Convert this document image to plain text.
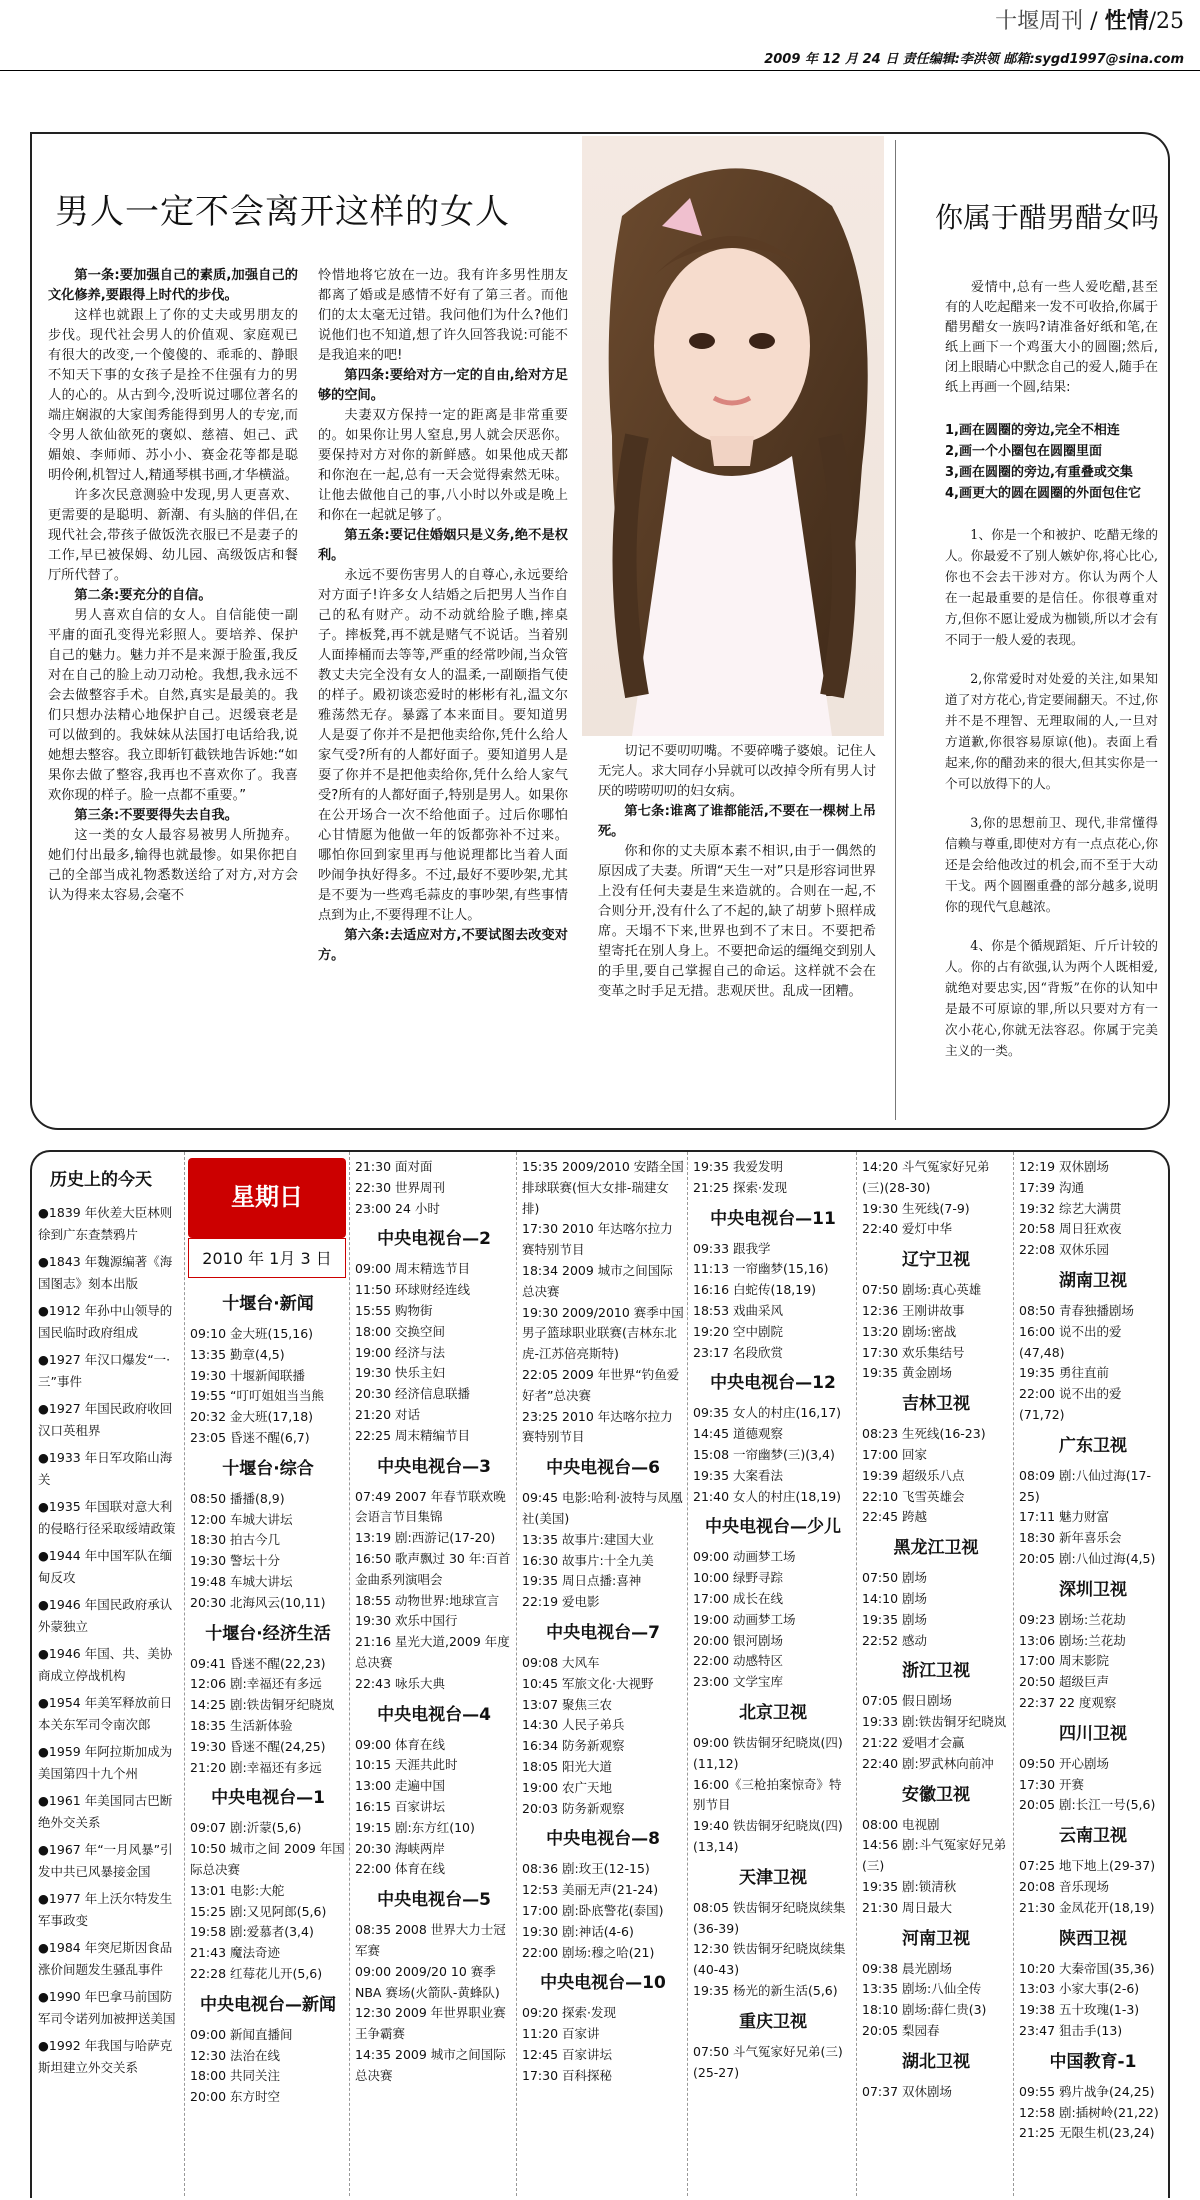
十堰周刊 / 性情/25
2009 年 12 月 24 日 责任编辑:李洪领 邮箱:sygd1997@sina.com
男人一定不会离开这样的女人

第一条:要加强自己的素质,加强自己的文化修养,要跟得上时代的步伐。

这样也就跟上了你的丈夫或男朋友的步伐。现代社会男人的价值观、家庭观已有很大的改变,一个傻傻的、乖乖的、静眼不知天下事的女孩子是拴不住强有力的男人的心的。从古到今,没听说过哪位著名的端庄娴淑的大家闺秀能得到男人的专宠,而令男人欲仙欲死的褒姒、慈禧、妲己、武媚娘、李师师、苏小小、赛金花等都是聪明伶俐,机智过人,精通琴棋书画,才华横溢。

许多次民意测验中发现,男人更喜欢、更需要的是聪明、新潮、有头脑的伴侣,在现代社会,带孩子做饭洗衣服已不是妻子的工作,早已被保姆、幼儿园、高级饭店和餐厅所代替了。

第二条:要充分的自信。

男人喜欢自信的女人。自信能使一副平庸的面孔变得光彩照人。要培养、保护自己的魅力。魅力并不是来源于脸蛋,我反对在自己的脸上动刀动枪。我想,我永远不会去做整容手术。自然,真实是最美的。我们只想办法精心地保护自己。迟缓衰老是可以做到的。我妹妹从法国打电话给我,说她想去整容。我立即斩钉截铁地告诉她:“如果你去做了整容,我再也不喜欢你了。我喜欢你现的样子。脸一点都不重要。”

第三条:不要要得失去自我。

这一类的女人最容易被男人所抛弃。她们付出最多,输得也就最惨。如果你把自己的全部当成礼物悉数送给了对方,对方会认为得来太容易,会毫不

怜惜地将它放在一边。我有许多男性朋友都离了婚或是感情不好有了第三者。而他们的太太毫无过错。我问他们为什么?他们说他们也不知道,想了许久回答我说:可能不是我追来的吧!

第四条:要给对方一定的自由,给对方足够的空间。

夫妻双方保持一定的距离是非常重要的。如果你让男人窒息,男人就会厌恶你。要保持对方对你的新鲜感。如果他成天都和你泡在一起,总有一天会觉得索然无味。让他去做他自己的事,八小时以外或是晚上和你在一起就足够了。

第五条:要记住婚姻只是义务,绝不是权利。

永远不要伤害男人的自尊心,永远要给对方面子!许多女人结婚之后把男人当作自己的私有财产。动不动就给脸子瞧,摔桌子。摔板凳,再不就是赌气不说话。当着别人面捧桶而去等等,严重的经常吵闹,当众管教丈夫完全没有女人的温柔,一副颐指气使的样子。殿初谈恋爱时的彬彬有礼,温文尔雅荡然无存。暴露了本来面目。要知道男人是耍了你并不是把他卖给你,凭什么给人家气受?所有的人都好面子。要知道男人是耍了你并不是把他卖给你,凭什么给人家气受?所有的人都好面子,特别是男人。如果你在公开场合一次不给他面子。过后你哪怕心甘情愿为他做一年的饭都弥补不过来。哪怕你回到家里再与他说理都比当着人面吵闹争执好得多。不过,最好不要吵架,尤其是不要为一些鸡毛蒜皮的事吵架,有些事情点到为止,不要得理不让人。

第六条:去适应对方,不要试图去改变对方。

切记不要叨叨嘴。不要碎嘴子婆娘。记住人无完人。求大同存小异就可以改掉令所有男人讨厌的唠唠叨叨的妇女病。

第七条:谁离了谁都能活,不要在一棵树上吊死。

你和你的丈夫原本素不相识,由于一偶然的原因成了夫妻。所谓“天生一对”只是形容词世界上没有任何夫妻是生来造就的。合则在一起,不合则分开,没有什么了不起的,缺了胡萝卜照样成席。天塌不下来,世界也到不了末日。不要把希望寄托在别人身上。不要把命运的缰绳交到别人的手里,要自己掌握自己的命运。这样就不会在变革之时手足无措。悲观厌世。乱成一团糟。

你属于醋男醋女吗

爱情中,总有一些人爱吃醋,甚至有的人吃起醋来一发不可收拾,你属于醋男醋女一族吗?请准备好纸和笔,在纸上画下一个鸡蛋大小的圆圈;然后,闭上眼睛心中默念自己的爱人,随手在纸上再画一个圆,结果:

1,画在圆圈的旁边,完全不相连
2,画一个小圈包在圆圈里面
3,画在圆圈的旁边,有重叠或交集
4,画更大的圆在圆圈的外面包住它

1、你是一个和被护、吃醋无缘的人。你最爱不了别人嫉妒你,将心比心,你也不会去干涉对方。你认为两个人在一起最重要的是信任。你很尊重对方,但你不愿让爱成为枷锁,所以才会有不同于一般人爱的表现。

2,你常爱时对处爱的关注,如果知道了对方花心,肯定要闹翻天。不过,你并不是不理智、无理取闹的人,一旦对方道歉,你很容易原谅(他)。表面上看起来,你的醋劲来的很大,但其实你是一个可以放得下的人。

3,你的思想前卫、现代,非常懂得信赖与尊重,即使对方有一点点花心,你还是会给他改过的机会,而不至于大动干戈。两个圆圈重叠的部分越多,说明你的现代气息越浓。

4、你是个循规蹈矩、斤斤计较的人。你的占有欲强,认为两个人既相爱,就绝对要忠实,因“背叛”在你的认知中是最不可原谅的罪,所以只要对方有一次小花心,你就无法容忍。你属于完美主义的一类。

历史上的今天
●1839 年伙差大臣林则徐到广东查禁鸦片
●1843 年魏源编著《海国图志》刻本出版
●1912 年孙中山领导的国民临时政府组成
●1927 年汉口爆发“一·三”事件
●1927 年国民政府收回汉口英租界
●1933 年日军攻陷山海关
●1935 年国联对意大利的侵略行径采取绥靖政策
●1944 年中国军队在缅甸反攻
●1946 年国民政府承认外蒙独立
●1946 年国、共、美协商成立停战机构
●1954 年美军释放前日本关东军司令南次郎
●1959 年阿拉斯加成为美国第四十九个州
●1961 年美国同古巴断绝外交关系
●1967 年“一月风暴”引发中共已风暴接金国
●1977 年上沃尔特发生军事政变
●1984 年突尼斯因食品涨价间题发生骚乱事件
●1990 年巴拿马前国防军司令诺列加被押送美国
●1992 年我国与哈萨克斯坦建立外交关系
星期日
2010 年 1月 3 日
十堰台·新闻
09:10 金大班(15,16)
13:35 勤章(4,5)
19:30 十堰新闻联播
19:55 “叮叮姐姐当当熊
20:32 金大班(17,18)
23:05 昏迷不醒(6,7)
十堰台·综合
08:50 播播(8,9)
12:00 车城大讲坛
18:30 拍古今几
19:30 警坛十分
19:48 车城大讲坛
20:30 北海风云(10,11)
十堰台·经济生活
09:41 昏迷不醒(22,23)
12:06 剧:幸福还有多远
14:25 剧:铁齿铜牙纪晓岚
18:35 生活新体验
19:30 昏迷不醒(24,25)
21:20 剧:幸福还有多远
中央电视台—1
09:07 剧:沂蒙(5,6)
10:50 城市之间 2009 年国际总决赛
13:01 电影:大舵
15:25 剧:又见阿郎(5,6)
19:58 剧:爱慕者(3,4)
21:43 魔法奇迹
22:28 红莓花儿开(5,6)
中央电视台—新闻
09:00 新闻直播间
12:30 法治在线
18:00 共同关注
20:00 东方时空
21:30 面对面
22:30 世界周刊
23:00 24 小时
中央电视台—2
09:00 周末精选节目
11:50 环球财经连线
15:55 购物街
18:00 交换空间
19:00 经济与法
19:30 快乐主妇
20:30 经济信息联播
21:20 对话
22:25 周末精编节目
中央电视台—3
07:49 2007 年春节联欢晚会语言节目集锦
13:19 剧:西游记(17-20)
16:50 歌声飘过 30 年:百首金曲系列演唱会
18:55 动物世界:地球宣言
19:30 欢乐中国行
21:16 星光大道,2009 年度总决赛
22:43 咏乐大典
中央电视台—4
09:00 体育在线
10:15 天涯共此时
13:00 走遍中国
16:15 百家讲坛
19:15 剧:东方红(10)
20:30 海峡两岸
22:00 体育在线
中央电视台—5
08:35 2008 世界大力士冠军赛
09:00 2009/20 10 赛季 NBA 赛场(火箭队-黄蜂队)
12:30 2009 年世界职业赛王争霸赛
14:35 2009 城市之间国际总决赛
15:35 2009/2010 安踏全国排球联赛(恒大女排-瑞建女排)
17:30 2010 年达喀尔拉力赛特别节目
18:34 2009 城市之间国际总决赛
19:30 2009/2010 赛季中国男子篮球职业联赛(吉林东北虎-江苏倍亮斯特)
22:05 2009 年世界“钓鱼爱好者”总决赛
23:25 2010 年达喀尔拉力赛特别节目
中央电视台—6
09:45 电影:哈利·波特与凤凰社(美国)
13:35 故事片:建国大业
16:30 故事片:十全九美
19:35 周日点播:喜神
22:19 爱电影
中央电视台—7
09:08 大风车
10:45 军旅文化·大视野
13:07 聚焦三农
14:30 人民子弟兵
16:34 防务新观察
18:05 阳光大道
19:00 农广天地
20:03 防务新观察
中央电视台—8
08:36 剧:玫王(12-15)
12:53 美丽无声(21-24)
17:00 剧:卧底警花(泰国)
19:30 剧:神话(4-6)
22:00 剧场:穆之哈(21)
中央电视台—10
09:20 探索·发现
11:20 百家讲
12:45 百家讲坛
17:30 百科探秘
19:35 我爱发明
21:25 探索·发现
中央电视台—11
09:33 跟我学
11:13 一帘幽梦(15,16)
16:16 白蛇传(18,19)
18:53 戏曲采风
19:20 空中剧院
23:17 名段欣赏
中央电视台—12
09:35 女人的村庄(16,17)
14:45 道德观察
15:08 一帘幽梦(三)(3,4)
19:35 大案看法
21:40 女人的村庄(18,19)
中央电视台—少儿
09:00 动画梦工场
10:00 绿野寻踪
17:00 成长在线
19:00 动画梦工场
20:00 银河剧场
22:00 动感特区
23:00 文学宝库
北京卫视
09:00 铁齿铜牙纪晓岚(四)(11,12)
16:00《三枪拍案惊奇》特别节目
19:40 铁齿铜牙纪晓岚(四)(13,14)
天津卫视
08:05 铁齿铜牙纪晓岚续集(36-39)
12:30 铁齿铜牙纪晓岚续集(40-43)
19:35 杨光的新生活(5,6)
重庆卫视
07:50 斗气冤家好兄弟(三)(25-27)
14:20 斗气冤家好兄弟(三)(28-30)
19:30 生死线(7-9)
22:40 爱灯中华
辽宁卫视
07:50 剧场:真心英雄
12:36 王刚讲故事
13:20 剧场:密战
17:30 欢乐集结号
19:35 黄金剧场
吉林卫视
08:23 生死线(16-23)
17:00 回家
19:39 超级乐八点
22:10 飞雪英雄会
22:45 跨越
黑龙江卫视
07:50 剧场
14:10 剧场
19:35 剧场
22:52 感动
浙江卫视
07:05 假日剧场
19:33 剧:铁齿铜牙纪晓岚
21:22 爱唱才会赢
22:40 剧:罗武林向前冲
安徽卫视
08:00 电视剧
14:56 剧:斗气冤家好兄弟(三)
19:35 剧:锁清秋
21:30 周日最大
河南卫视
09:38 晨光剧场
13:35 剧场:八仙全传
18:10 剧场:薛仁贵(3)
20:05 梨园春
湖北卫视
07:37 双休剧场
12:19 双休剧场
17:39 沟通
19:32 综艺大满贯
20:58 周日狂欢夜
22:08 双休乐园
湖南卫视
08:50 青春独播剧场
16:00 说不出的爱(47,48)
19:35 勇往直前
22:00 说不出的爱(71,72)
广东卫视
08:09 剧:八仙过海(17-25)
17:11 魅力财富
18:30 新年喜乐会
20:05 剧:八仙过海(4,5)
深圳卫视
09:23 剧场:兰花劫
13:06 剧场:兰花劫
17:00 周末影院
20:50 超级巨声
22:37 22 度观察
四川卫视
09:50 开心剧场
17:30 开赛
20:05 剧:长江一号(5,6)
云南卫视
07:25 地下地上(29-37)
20:08 音乐现场
21:30 金凤花开(18,19)
陕西卫视
10:20 大秦帝国(35,36)
13:03 小家大事(2-6)
19:38 五十玫瑰(1-3)
23:47 狙击手(13)
中国教育-1
09:55 鸦片战争(24,25)
12:58 剧:插树岭(21,22)
21:25 无限生机(23,24)
